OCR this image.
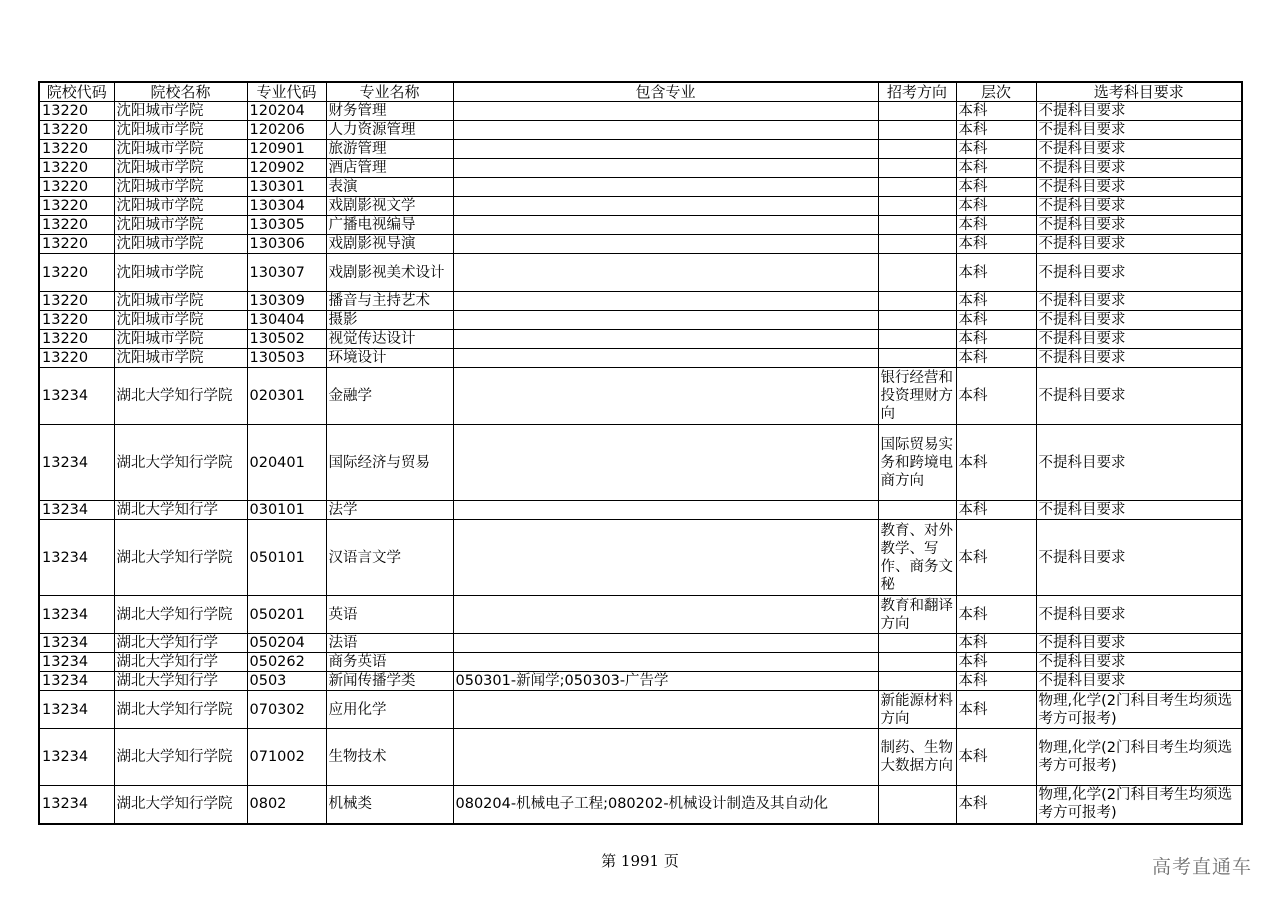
院校代码	院校名称	专业代码	专业名称	包含专业	招考方向	层次	选考科目要求
13220	沈阳城市学院	120204	财务管理			本科	不提科目要求
13220	沈阳城市学院	120206	人力资源管理			本科	不提科目要求
13220	沈阳城市学院	120901	旅游管理			本科	不提科目要求
13220	沈阳城市学院	120902	酒店管理			本科	不提科目要求
13220	沈阳城市学院	130301	表演			本科	不提科目要求
13220	沈阳城市学院	130304	戏剧影视文学			本科	不提科目要求
13220	沈阳城市学院	130305	广播电视编导			本科	不提科目要求
13220	沈阳城市学院	130306	戏剧影视导演			本科	不提科目要求
13220	沈阳城市学院	130307	戏剧影视美术设计			本科	不提科目要求
13220	沈阳城市学院	130309	播音与主持艺术			本科	不提科目要求
13220	沈阳城市学院	130404	摄影			本科	不提科目要求
13220	沈阳城市学院	130502	视觉传达设计			本科	不提科目要求
13220	沈阳城市学院	130503	环境设计			本科	不提科目要求
13234	湖北大学知行学院	020301	金融学		银行经营和投资理财方向	本科	不提科目要求
13234	湖北大学知行学院	020401	国际经济与贸易		国际贸易实务和跨境电商方向	本科	不提科目要求
13234	湖北大学知行学	030101	法学			本科	不提科目要求
13234	湖北大学知行学院	050101	汉语言文学		教育、对外教学、写作、商务文秘	本科	不提科目要求
13234	湖北大学知行学院	050201	英语		教育和翻译方向	本科	不提科目要求
13234	湖北大学知行学	050204	法语			本科	不提科目要求
13234	湖北大学知行学	050262	商务英语			本科	不提科目要求
13234	湖北大学知行学	0503	新闻传播学类	050301-新闻学;050303-广告学		本科	不提科目要求
13234	湖北大学知行学院	070302	应用化学		新能源材料方向	本科	物理,化学(2门科目考生均须选考方可报考)
13234	湖北大学知行学院	071002	生物技术		制药、生物大数据方向	本科	物理,化学(2门科目考生均须选考方可报考)
13234	湖北大学知行学院	0802	机械类	080204-机械电子工程;080202-机械设计制造及其自动化		本科	物理,化学(2门科目考生均须选考方可报考)
第 1991 页	高考直通车
